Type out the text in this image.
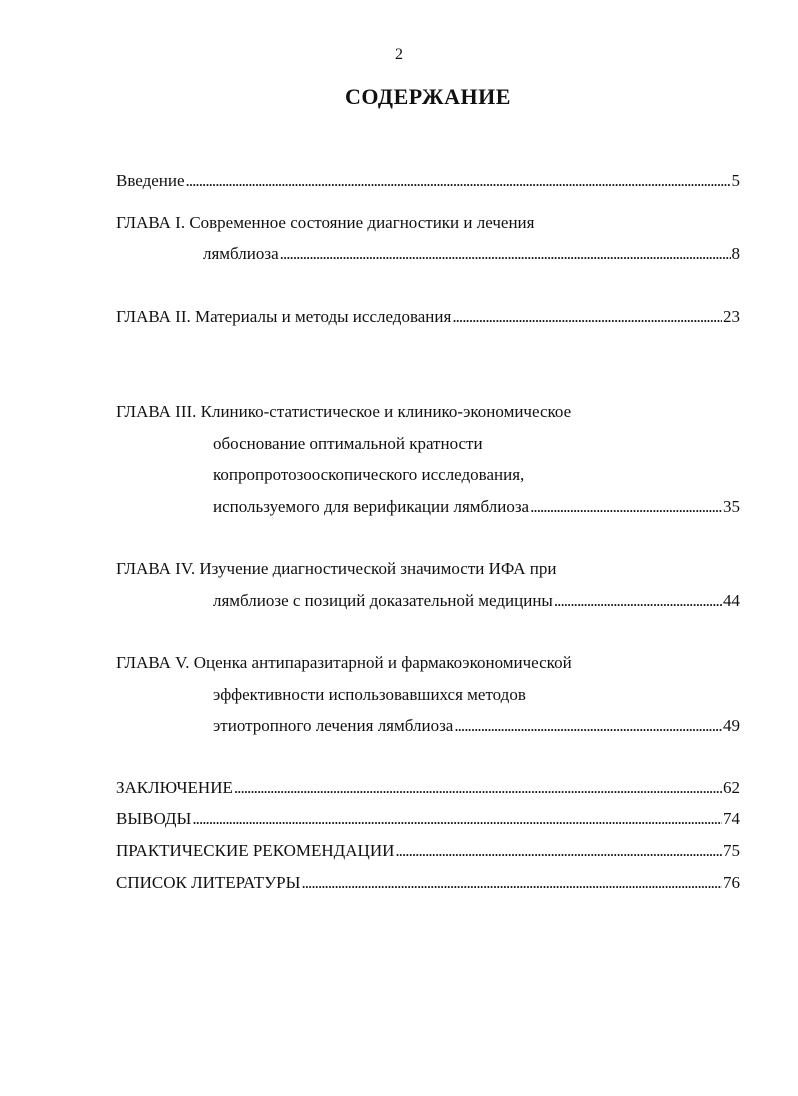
2
СОДЕРЖАНИЕ
Введение . . .	5
ГЛАВА I. Современное состояние диагностики и лечения
лямблиоза . . .	8
ГЛАВА II. Материалы и методы исследования . . .	23
ГЛАВА III. Клинико-статистическое и клинико-экономическое
обоснование оптимальной кратности
копропротозооскопического исследования,
используемого для верификации лямблиоза . . .	35
ГЛАВА IV. Изучение диагностической значимости ИФА при
лямблиозе с позиций доказательной медицины . . .	44
ГЛАВА V. Оценка антипаразитарной и фармакоэкономической
эффективности использовавшихся методов
этиотропного лечения лямблиоза . . .	49
ЗАКЛЮЧЕНИЕ . . .	62
ВЫВОДЫ . . .	74
ПРАКТИЧЕСКИЕ РЕКОМЕНДАЦИИ . . .	75
СПИСОК ЛИТЕРАТУРЫ . . .	76
